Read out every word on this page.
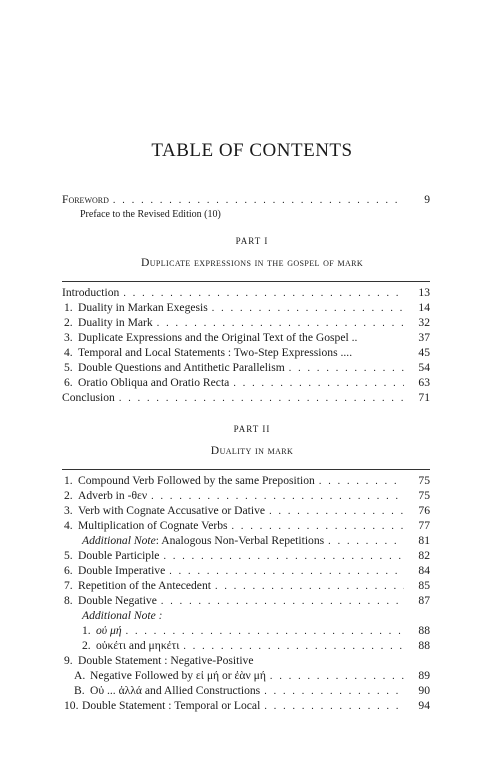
TABLE OF CONTENTS
Foreword . . .	9
Preface to the Revised Edition (10)
PART I
Duplicate expressions in the gospel of mark
Introduction . . .	13
1. Duality in Markan Exegesis . . .	14
2. Duality in Mark . . .	32
3. Duplicate Expressions and the Original Text of the Gospel ..	37
4. Temporal and Local Statements : Two-Step Expressions ....	45
5. Double Questions and Antithetic Parallelism . . .	54
6. Oratio Obliqua and Oratio Recta . . .	63
Conclusion . . .	71
PART II
Duality in mark
1. Compound Verb Followed by the same Preposition . . .	75
2. Adverb in -θεν . . .	75
3. Verb with Cognate Accusative or Dative . . .	76
4. Multiplication of Cognate Verbs . . .	77
Additional Note : Analogous Non-Verbal Repetitions . . .	81
5. Double Participle . . .	82
6. Double Imperative . . .	84
7. Repetition of the Antecedent . . .	85
8. Double Negative . . .	87
Additional Note :
1. οὐ μή . . .	88
2. οὐκέτι and μηκέτι . . .	88
9. Double Statement : Negative-Positive
A. Negative Followed by εἰ μή or ἐὰν μή . . .	89
B. Οὐ ... ἀλλά and Allied Constructions . . .	90
10. Double Statement : Temporal or Local . . .	94
